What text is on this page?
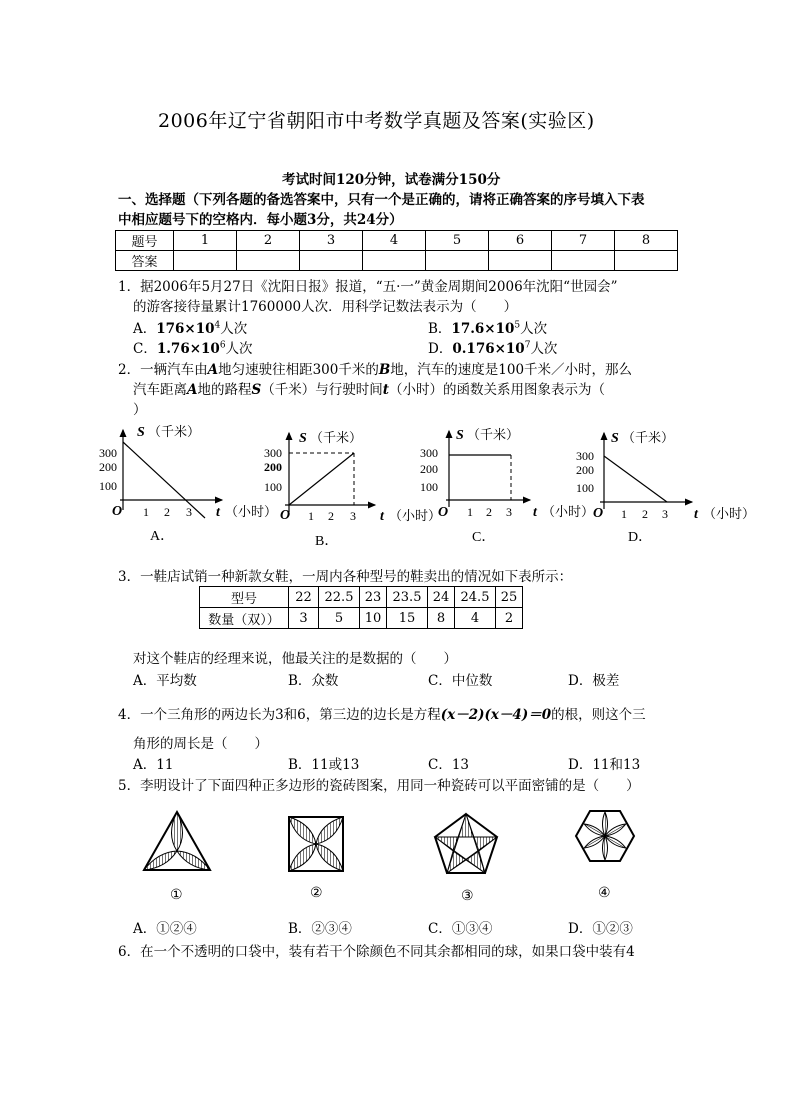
2006年辽宁省朝阳市中考数学真题及答案(实验区)
考试时间120分钟，试卷满分150分
一、选择题（下列各题的备选答案中，只有一个是正确的，请将正确答案的序号填入下表
中相应题号下的空格内．每小题3分，共24分）
题号	1	2	3	4	5	6	7	8
答案								
1．据2006年5月27日《沈阳日报》报道，“五·一”黄金周期间2006年沈阳“世园会”
的游客接待量累计1760000人次．用科学记数法表示为（　　）
A．$176\times 10^4$人次	B．$17.6\times 10^5$人次
C．$1.76\times 10^6$人次	D．$0.176\times 10^7$人次
2．一辆汽车由A地匀速驶往相距300千米的B地，汽车的速度是100千米／小时，那么
汽车距离A地的路程S（千米）与行驶时间t（小时）的函数关系用图象表示为（
）
S （千米）
300
200
100
O 1 2 3 t （小时）
A．
S （千米）
300
200
100
O 1 2 3 t （小时）
B．
S （千米）
300
200
100
O 1 2 3 t （小时）
C．
S （千米）
300
200
100
O 1 2 3 t （小时）
D．
3．一鞋店试销一种新款女鞋，一周内各种型号的鞋卖出的情况如下表所示：
型号	22	22.5	23	23.5	24	24.5	25
数量（双））	3	5	10	15	8	4	2
对这个鞋店的经理来说，他最关注的是数据的（　　）
A．平均数	B．众数	C．中位数	D．极差
4．一个三角形的两边长为3和6，第三边的边长是方程(x－2)(x－4)＝0的根，则这个三
角形的周长是（　　）
A．11	B．11或13	C．13	D．11和13
5．李明设计了下面四种正多边形的瓷砖图案，用同一种瓷砖可以平面密铺的是（　　）
①	②	③	④
A．①②④	B．②③④	C．①③④	D．①②③
6．在一个不透明的口袋中，装有若干个除颜色不同其余都相同的球，如果口袋中装有4
